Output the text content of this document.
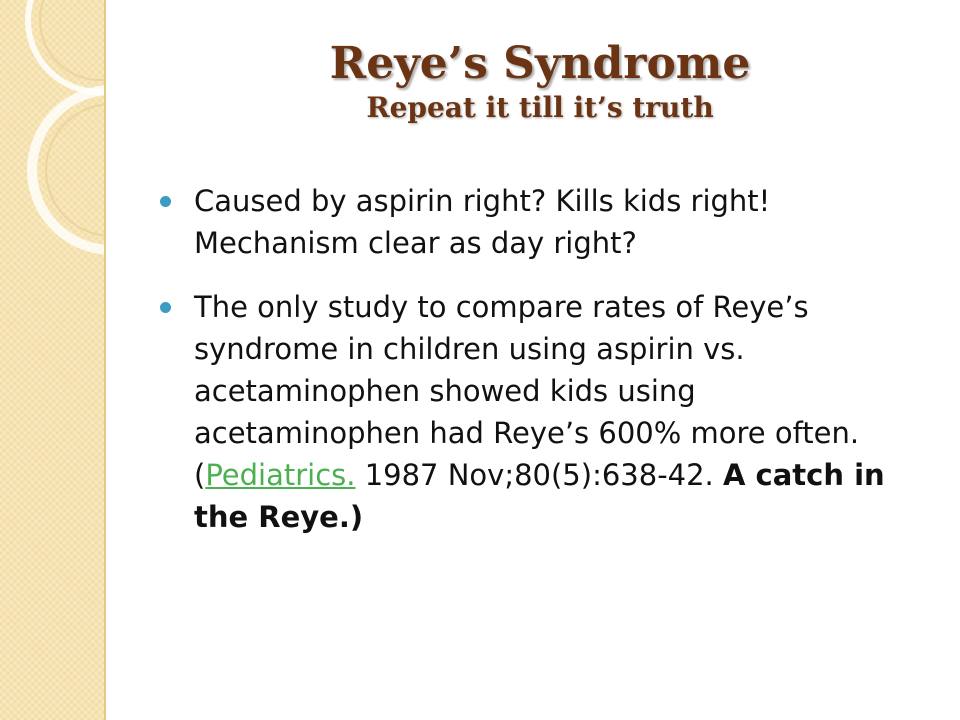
Reye’s Syndrome
Repeat it till it’s truth
Caused by aspirin right? Kills kids right! Mechanism clear as day right?
The only study to compare rates of Reye’s syndrome in children using aspirin vs. acetaminophen showed kids using acetaminophen had Reye’s 600% more often. (Pediatrics. 1987 Nov;80(5):638-42. A catch in the Reye.)
